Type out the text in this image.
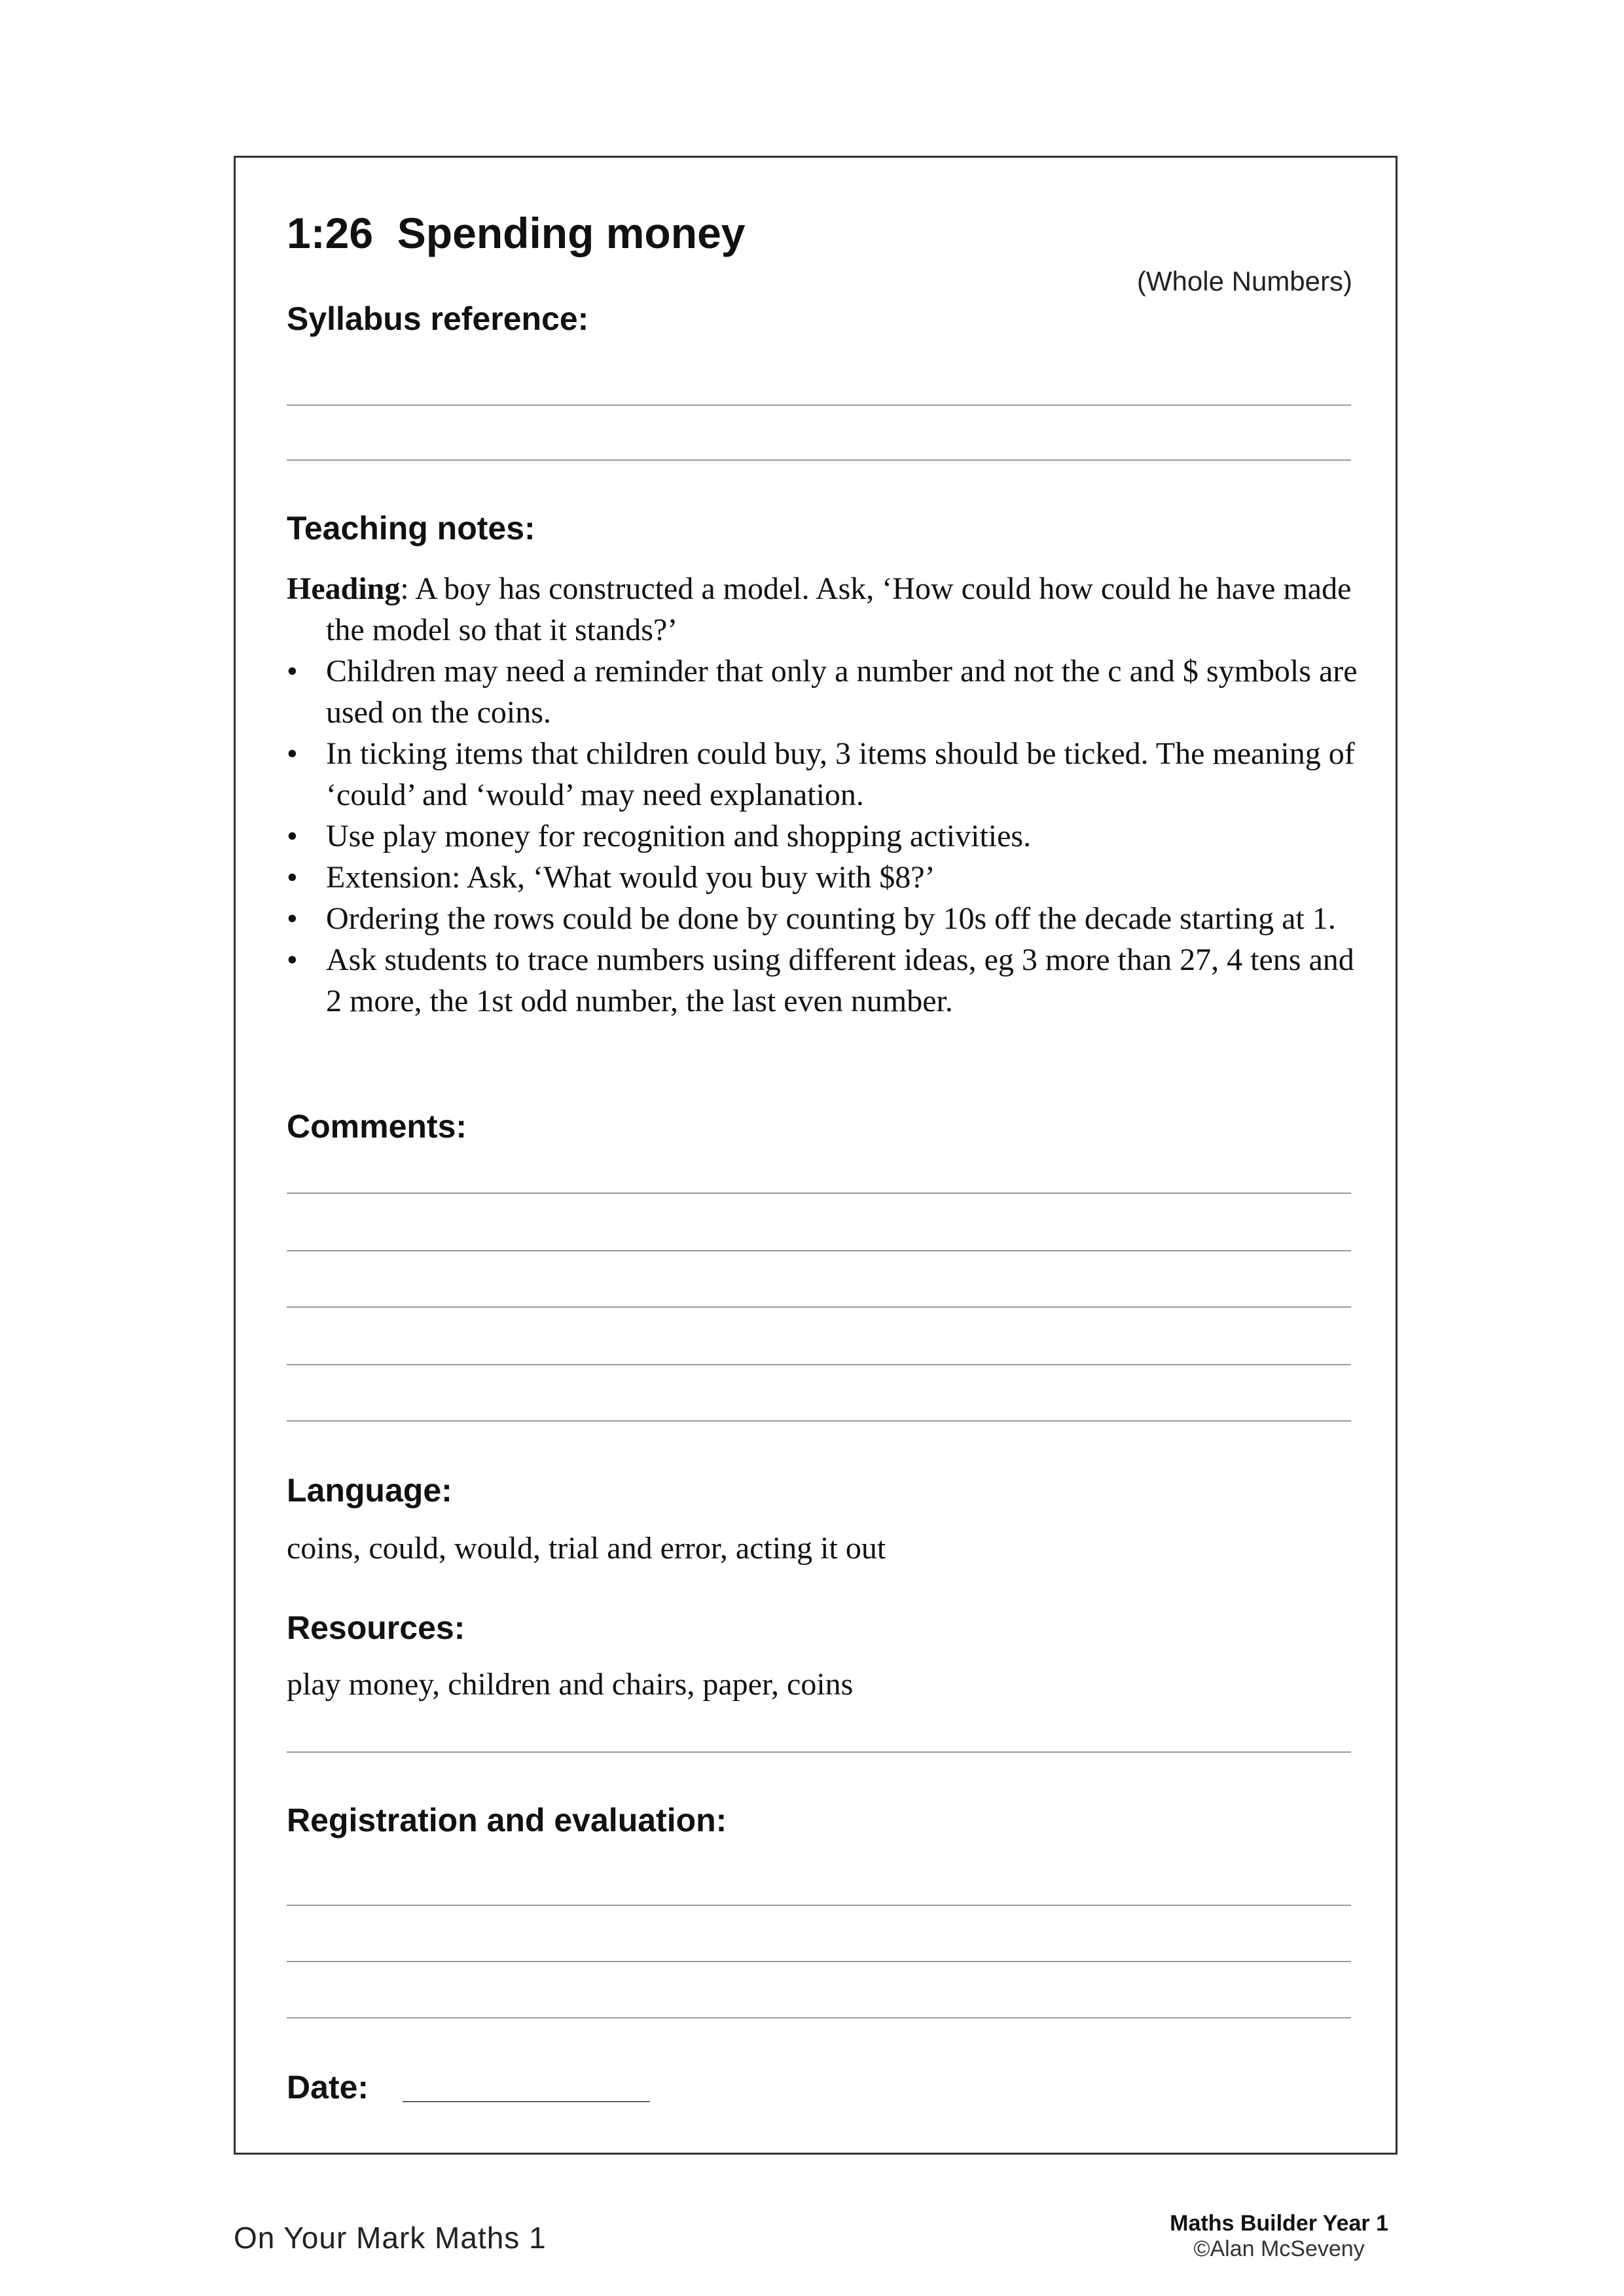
1:26  Spending money
(Whole Numbers)
Syllabus reference:
Teaching notes:
Heading: A boy has constructed a model. Ask, ‘How could how could he have made the model so that it stands?’
• Children may need a reminder that only a number and not the c and $ symbols are used on the coins.
• In ticking items that children could buy, 3 items should be ticked. The meaning of ‘could’ and ‘would’ may need explanation.
• Use play money for recognition and shopping activities.
• Extension: Ask, ‘What would you buy with $8?’
• Ordering the rows could be done by counting by 10s off the decade starting at 1.
• Ask students to trace numbers using different ideas, eg 3 more than 27, 4 tens and 2 more, the 1st odd number, the last even number.
Comments:
Language:
coins, could, would, trial and error, acting it out
Resources:
play money, children and chairs, paper, coins
Registration and evaluation:
Date:
On Your Mark Maths 1	Maths Builder Year 1
©Alan McSeveny
